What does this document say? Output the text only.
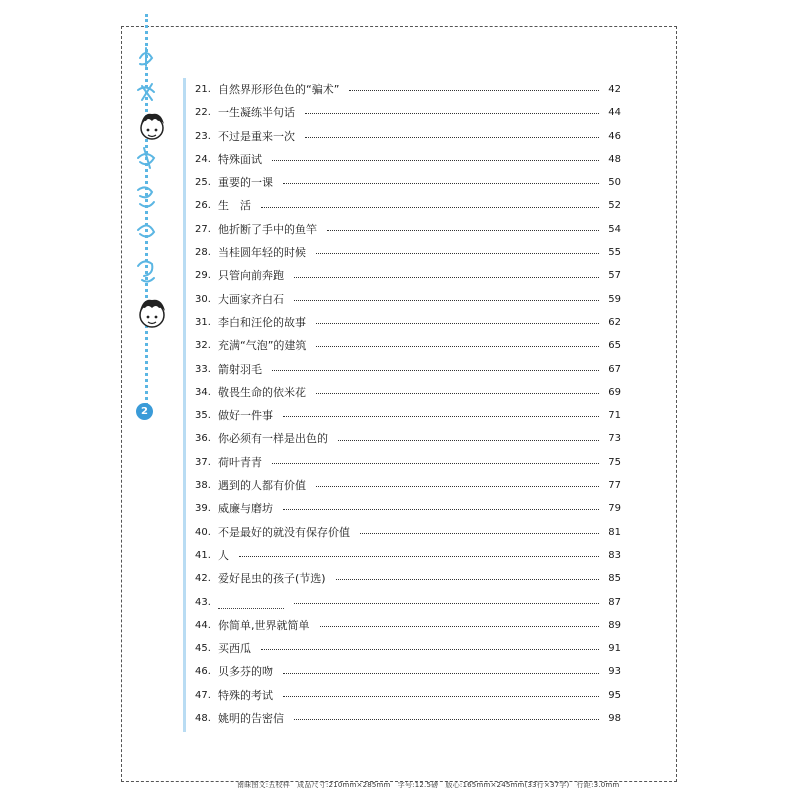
2
21. 自然界形形色色的“骗术”	42
22. 一生凝练半句话	44
23. 不过是重来一次	46
24. 特殊面试	48
25. 重要的一课	50
26. 生　活	52
27. 他折断了手中的鱼竿	54
28. 当桂圆年轻的时候	55
29. 只管向前奔跑	57
30. 大画家齐白石	59
31. 李白和汪伦的故事	62
32. 充满“气泡”的建筑	65
33. 箭射羽毛	67
34. 敬畏生命的依米花	69
35. 做好一件事	71
36. 你必须有一样是出色的	73
37. 荷叶青青	75
38. 遇到的人都有价值	77
39. 威廉与磨坊	79
40. 不是最好的就没有保存价值	81
41. 人	83
42. 爱好昆虫的孩子(节选)	85
43.	87
44. 你简单,世界就简单	89
45. 买西瓜	91
46. 贝多芬的吻	93
47. 特殊的考试	95
48. 姚明的告密信	98
南昧图文:五校样　成品尺寸:210mm×285mm　字号:12.5磅　版心:165mm×245mm(33行×37字)　行距:3.0mm
